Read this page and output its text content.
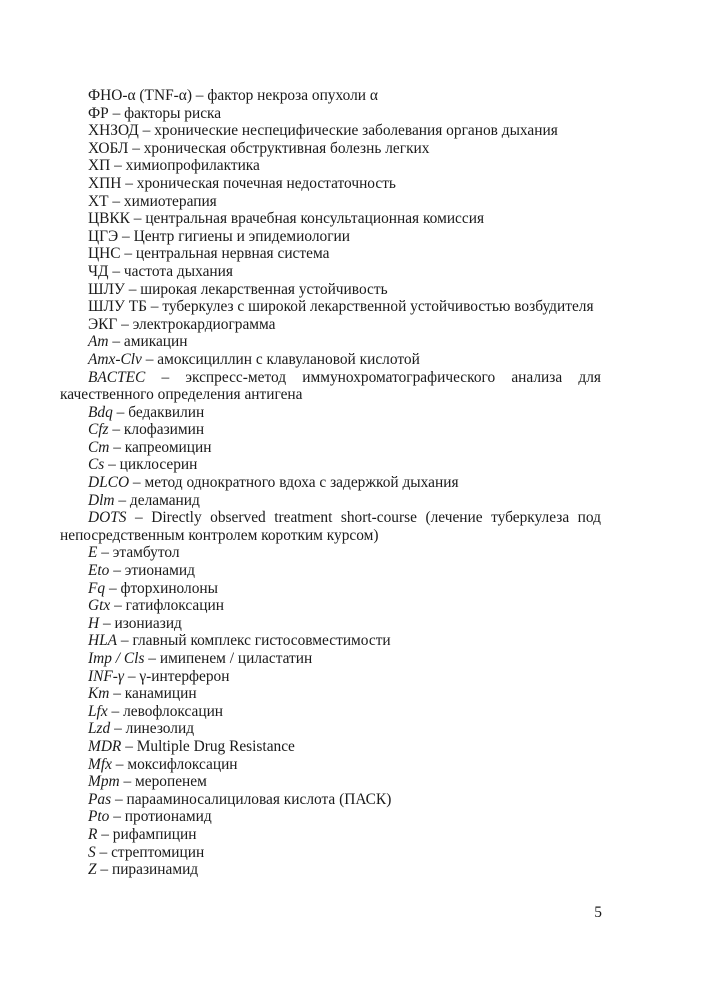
ФНО-α (TNF-α) – фактор некроза опухоли α
ФР – факторы риска
ХНЗОД – хронические неспецифические заболевания органов дыхания
ХОБЛ – хроническая обструктивная болезнь легких
ХП – химиопрофилактика
ХПН – хроническая почечная недостаточность
ХТ – химиотерапия
ЦВКК – центральная врачебная консультационная комиссия
ЦГЭ – Центр гигиены и эпидемиологии
ЦНС – центральная нервная система
ЧД – частота дыхания
ШЛУ – широкая лекарственная устойчивость
ШЛУ ТБ – туберкулез с широкой лекарственной устойчивостью возбудителя
ЭКГ – электрокардиограмма
Am – амикацин
Amx-Clv – амоксициллин с клавулановой кислотой
BACTEC – экспресс-метод иммунохроматографического анализа для качественного определения антигена
Bdq – бедаквилин
Cfz – клофазимин
Cm – капреомицин
Cs – циклосерин
DLCO – метод однократного вдоха с задержкой дыхания
Dlm – деламанид
DOTS – Directly observed treatment short-course (лечение туберкулеза под непосредственным контролем коротким курсом)
E – этамбутол
Eto – этионамид
Fq – фторхинолоны
Gtx – гатифлоксацин
H – изониазид
HLA – главный комплекс гистосовместимости
Imp / Cls – имипенем / циластатин
INF-γ – γ-интерферон
Km – канамицин
Lfx – левофлоксацин
Lzd – линезолид
MDR – Multiple Drug Resistance
Mfx – моксифлоксацин
Mpm – меропенем
Pas – парааминосалициловая кислота (ПАСК)
Pto – протионамид
R – рифампицин
S – стрептомицин
Z – пиразинамид
5
